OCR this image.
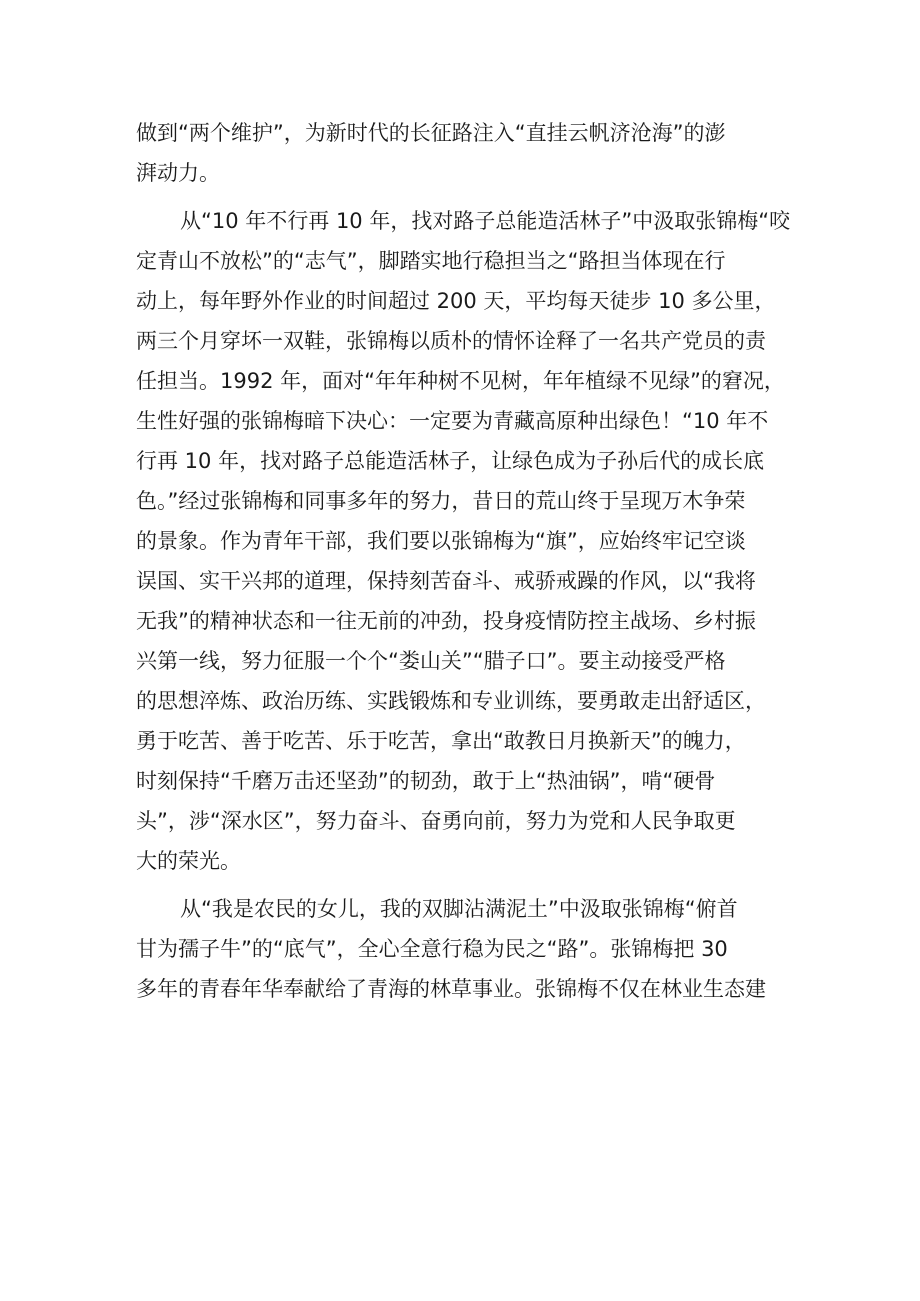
做到“两个维护”，为新时代的长征路注入“直挂云帆济沧海”的澎
湃动力。
从“10 年不行再 10 年，找对路子总能造活林子”中汲取张锦梅“咬
定青山不放松”的“志气”，脚踏实地行稳担当之“路担当体现在行
动上，每年野外作业的时间超过 200 天，平均每天徒步 10 多公里，
两三个月穿坏一双鞋，张锦梅以质朴的情怀诠释了一名共产党员的责
任担当。1992 年，面对“年年种树不见树，年年植绿不见绿”的窘况，
生性好强的张锦梅暗下决心：一定要为青藏高原种出绿色！“10 年不
行再 10 年，找对路子总能造活林子，让绿色成为子孙后代的成长底
色。”经过张锦梅和同事多年的努力，昔日的荒山终于呈现万木争荣
的景象。作为青年干部，我们要以张锦梅为“旗”，应始终牢记空谈
误国、实干兴邦的道理，保持刻苦奋斗、戒骄戒躁的作风，以“我将
无我”的精神状态和一往无前的冲劲，投身疫情防控主战场、乡村振
兴第一线，努力征服一个个“娄山关”“腊子口”。要主动接受严格
的思想淬炼、政治历练、实践锻炼和专业训练，要勇敢走出舒适区，
勇于吃苦、善于吃苦、乐于吃苦，拿出“敢教日月换新天”的魄力，
时刻保持“千磨万击还坚劲”的韧劲，敢于上“热油锅”，啃“硬骨
头”，涉“深水区”，努力奋斗、奋勇向前，努力为党和人民争取更
大的荣光。
从“我是农民的女儿，我的双脚沾满泥土”中汲取张锦梅“俯首
甘为孺子牛”的“底气”，全心全意行稳为民之“路”。张锦梅把 30
多年的青春年华奉献给了青海的林草事业。张锦梅不仅在林业生态建
